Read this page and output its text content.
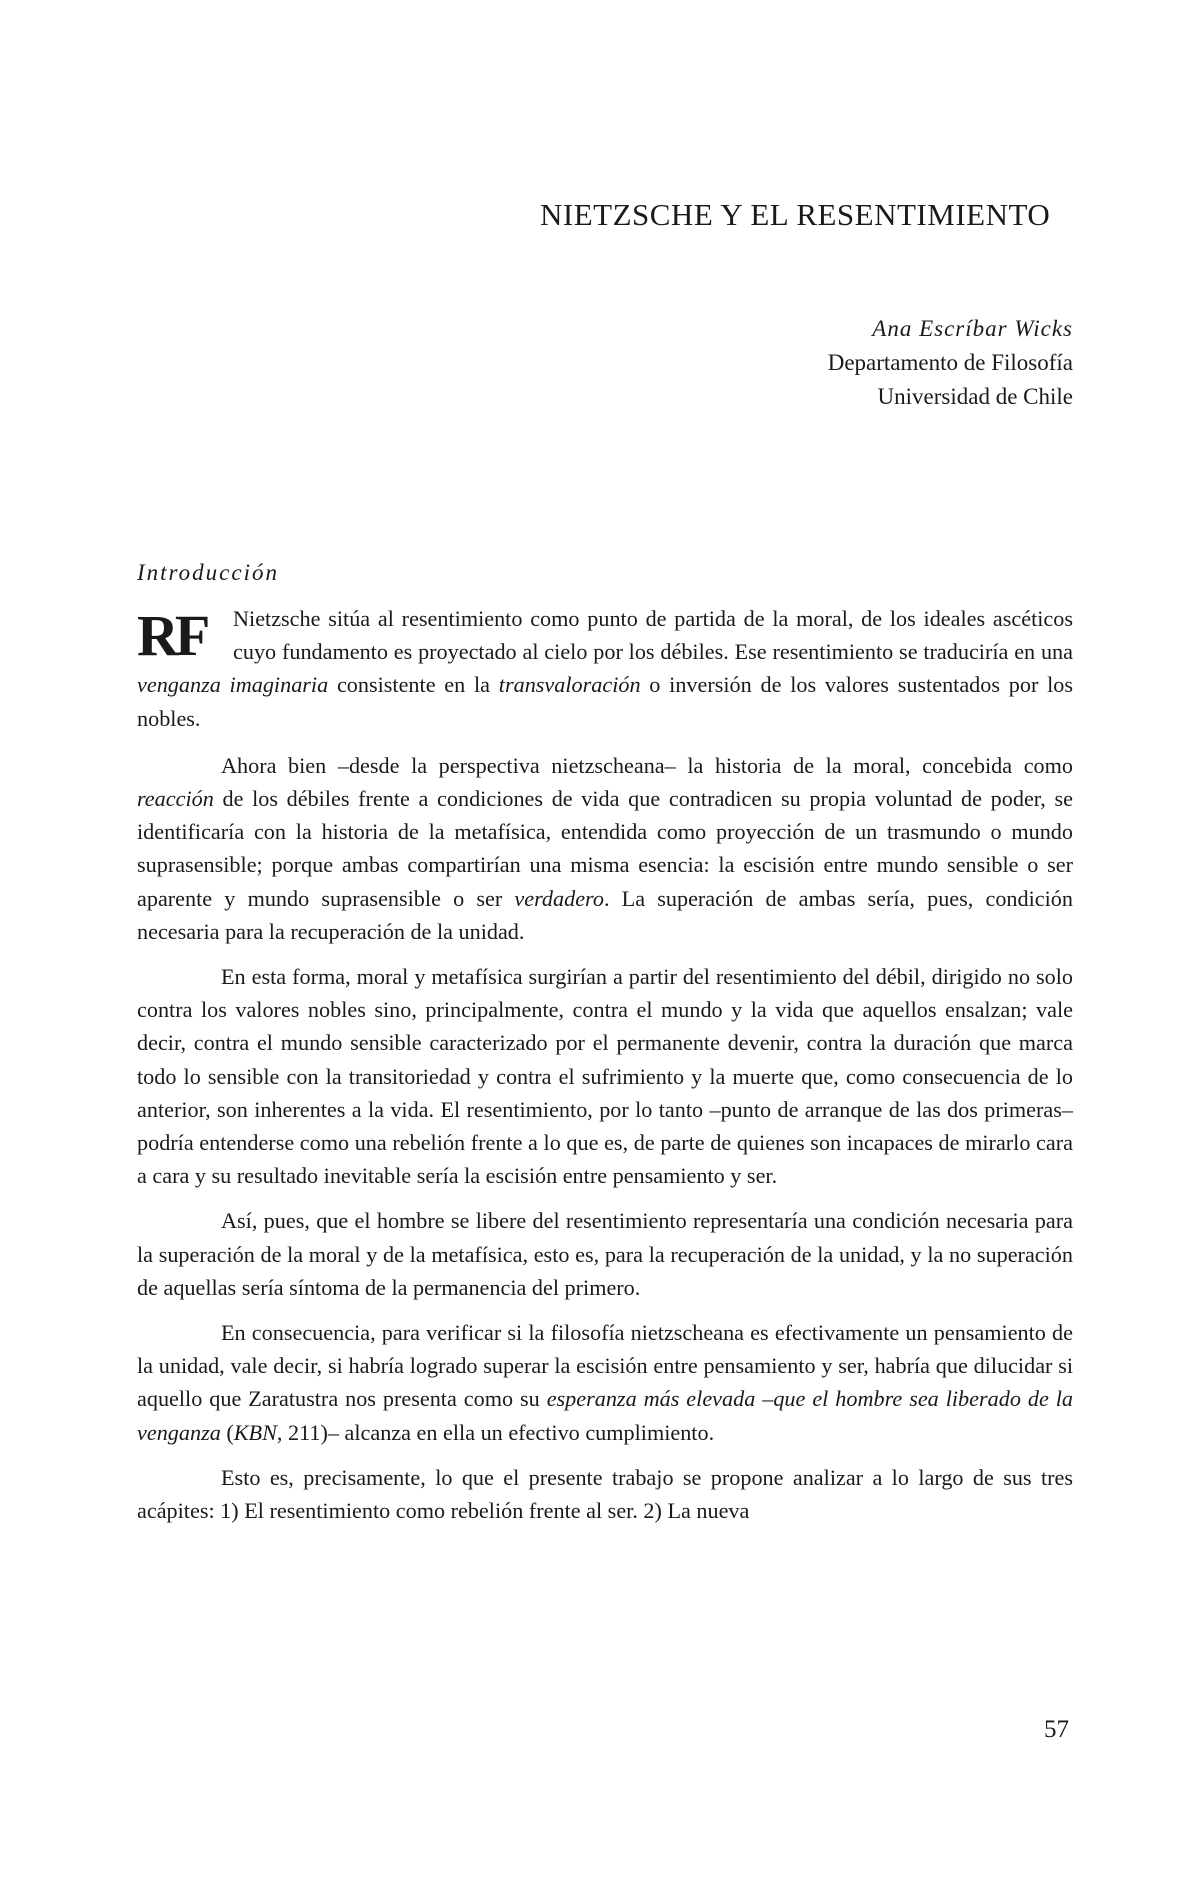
NIETZSCHE Y EL RESENTIMIENTO
Ana Escríbar Wicks
Departamento de Filosofía
Universidad de Chile
Introducción

RF	Nietzsche sitúa al resentimiento como punto de partida de la moral, de los ideales ascéticos cuyo fundamento es proyectado al cielo por los débiles. Ese resentimiento se traduciría en una venganza imaginaria consistente en la transvaloración o inversión de los valores sustentados por los nobles.

Ahora bien –desde la perspectiva nietzscheana– la historia de la moral, concebida como reacción de los débiles frente a condiciones de vida que contradicen su propia voluntad de poder, se identificaría con la historia de la metafísica, entendida como proyección de un trasmundo o mundo suprasensible; porque ambas compartirían una misma esencia: la escisión entre mundo sensible o ser aparente y mundo suprasensible o ser verdadero. La superación de ambas sería, pues, condición necesaria para la recuperación de la unidad.

En esta forma, moral y metafísica surgirían a partir del resentimiento del débil, dirigido no solo contra los valores nobles sino, principalmente, contra el mundo y la vida que aquellos ensalzan; vale decir, contra el mundo sensible caracterizado por el permanente devenir, contra la duración que marca todo lo sensible con la transitoriedad y contra el sufrimiento y la muerte que, como consecuencia de lo anterior, son inherentes a la vida. El resentimiento, por lo tanto –punto de arranque de las dos primeras– podría entenderse como una rebelión frente a lo que es, de parte de quienes son incapaces de mirarlo cara a cara y su resultado inevitable sería la escisión entre pensamiento y ser.

Así, pues, que el hombre se libere del resentimiento representaría una condición necesaria para la superación de la moral y de la metafísica, esto es, para la recuperación de la unidad, y la no superación de aquellas sería síntoma de la permanencia del primero.

En consecuencia, para verificar si la filosofía nietzscheana es efectivamente un pensamiento de la unidad, vale decir, si habría logrado superar la escisión entre pensamiento y ser, habría que dilucidar si aquello que Zaratustra nos presenta como su esperanza más elevada –que el hombre sea liberado de la venganza (KBN, 211)– alcanza en ella un efectivo cumplimiento.

Esto es, precisamente, lo que el presente trabajo se propone analizar a lo largo de sus tres acápites: 1) El resentimiento como rebelión frente al ser. 2) La nueva

57
